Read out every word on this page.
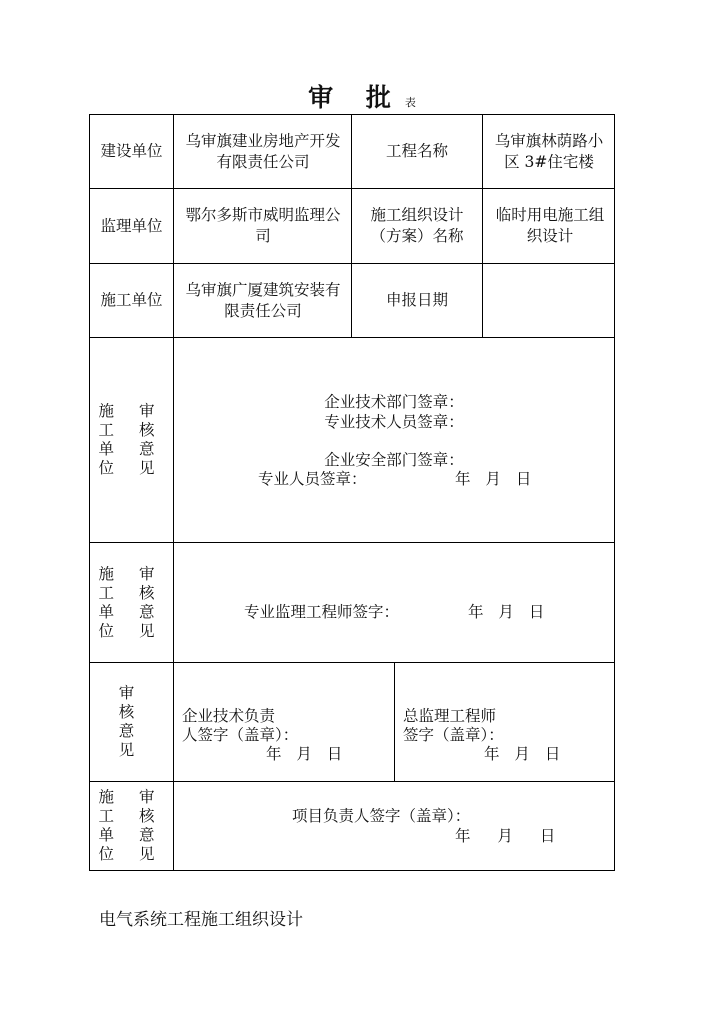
审 批 表
建设单位
乌审旗建业房地产开发有限责任公司
工程名称
乌审旗林荫路小区 3#住宅楼
监理单位
鄂尔多斯市威明监理公司
施工组织设计（方案）名称
临时用电施工组织设计
施工单位
乌审旗广厦建筑安装有限责任公司
申报日期
施 审
工 核
单 意
位 见
企业技术部门签章：
专业技术人员签章：
企业安全部门签章：
专业人员签章：	年 月 日
施 审
工 核
单 意
位 见
专业监理工程师签字：	年 月 日
审
核
意
见
企业技术负责
人签字（盖章）：
年 月 日
总监理工程师
签字（盖章）：
年 月 日
施 审
工 核
单 意
位 见
项目负责人签字（盖章）：
年 月 日
电气系统工程施工组织设计
